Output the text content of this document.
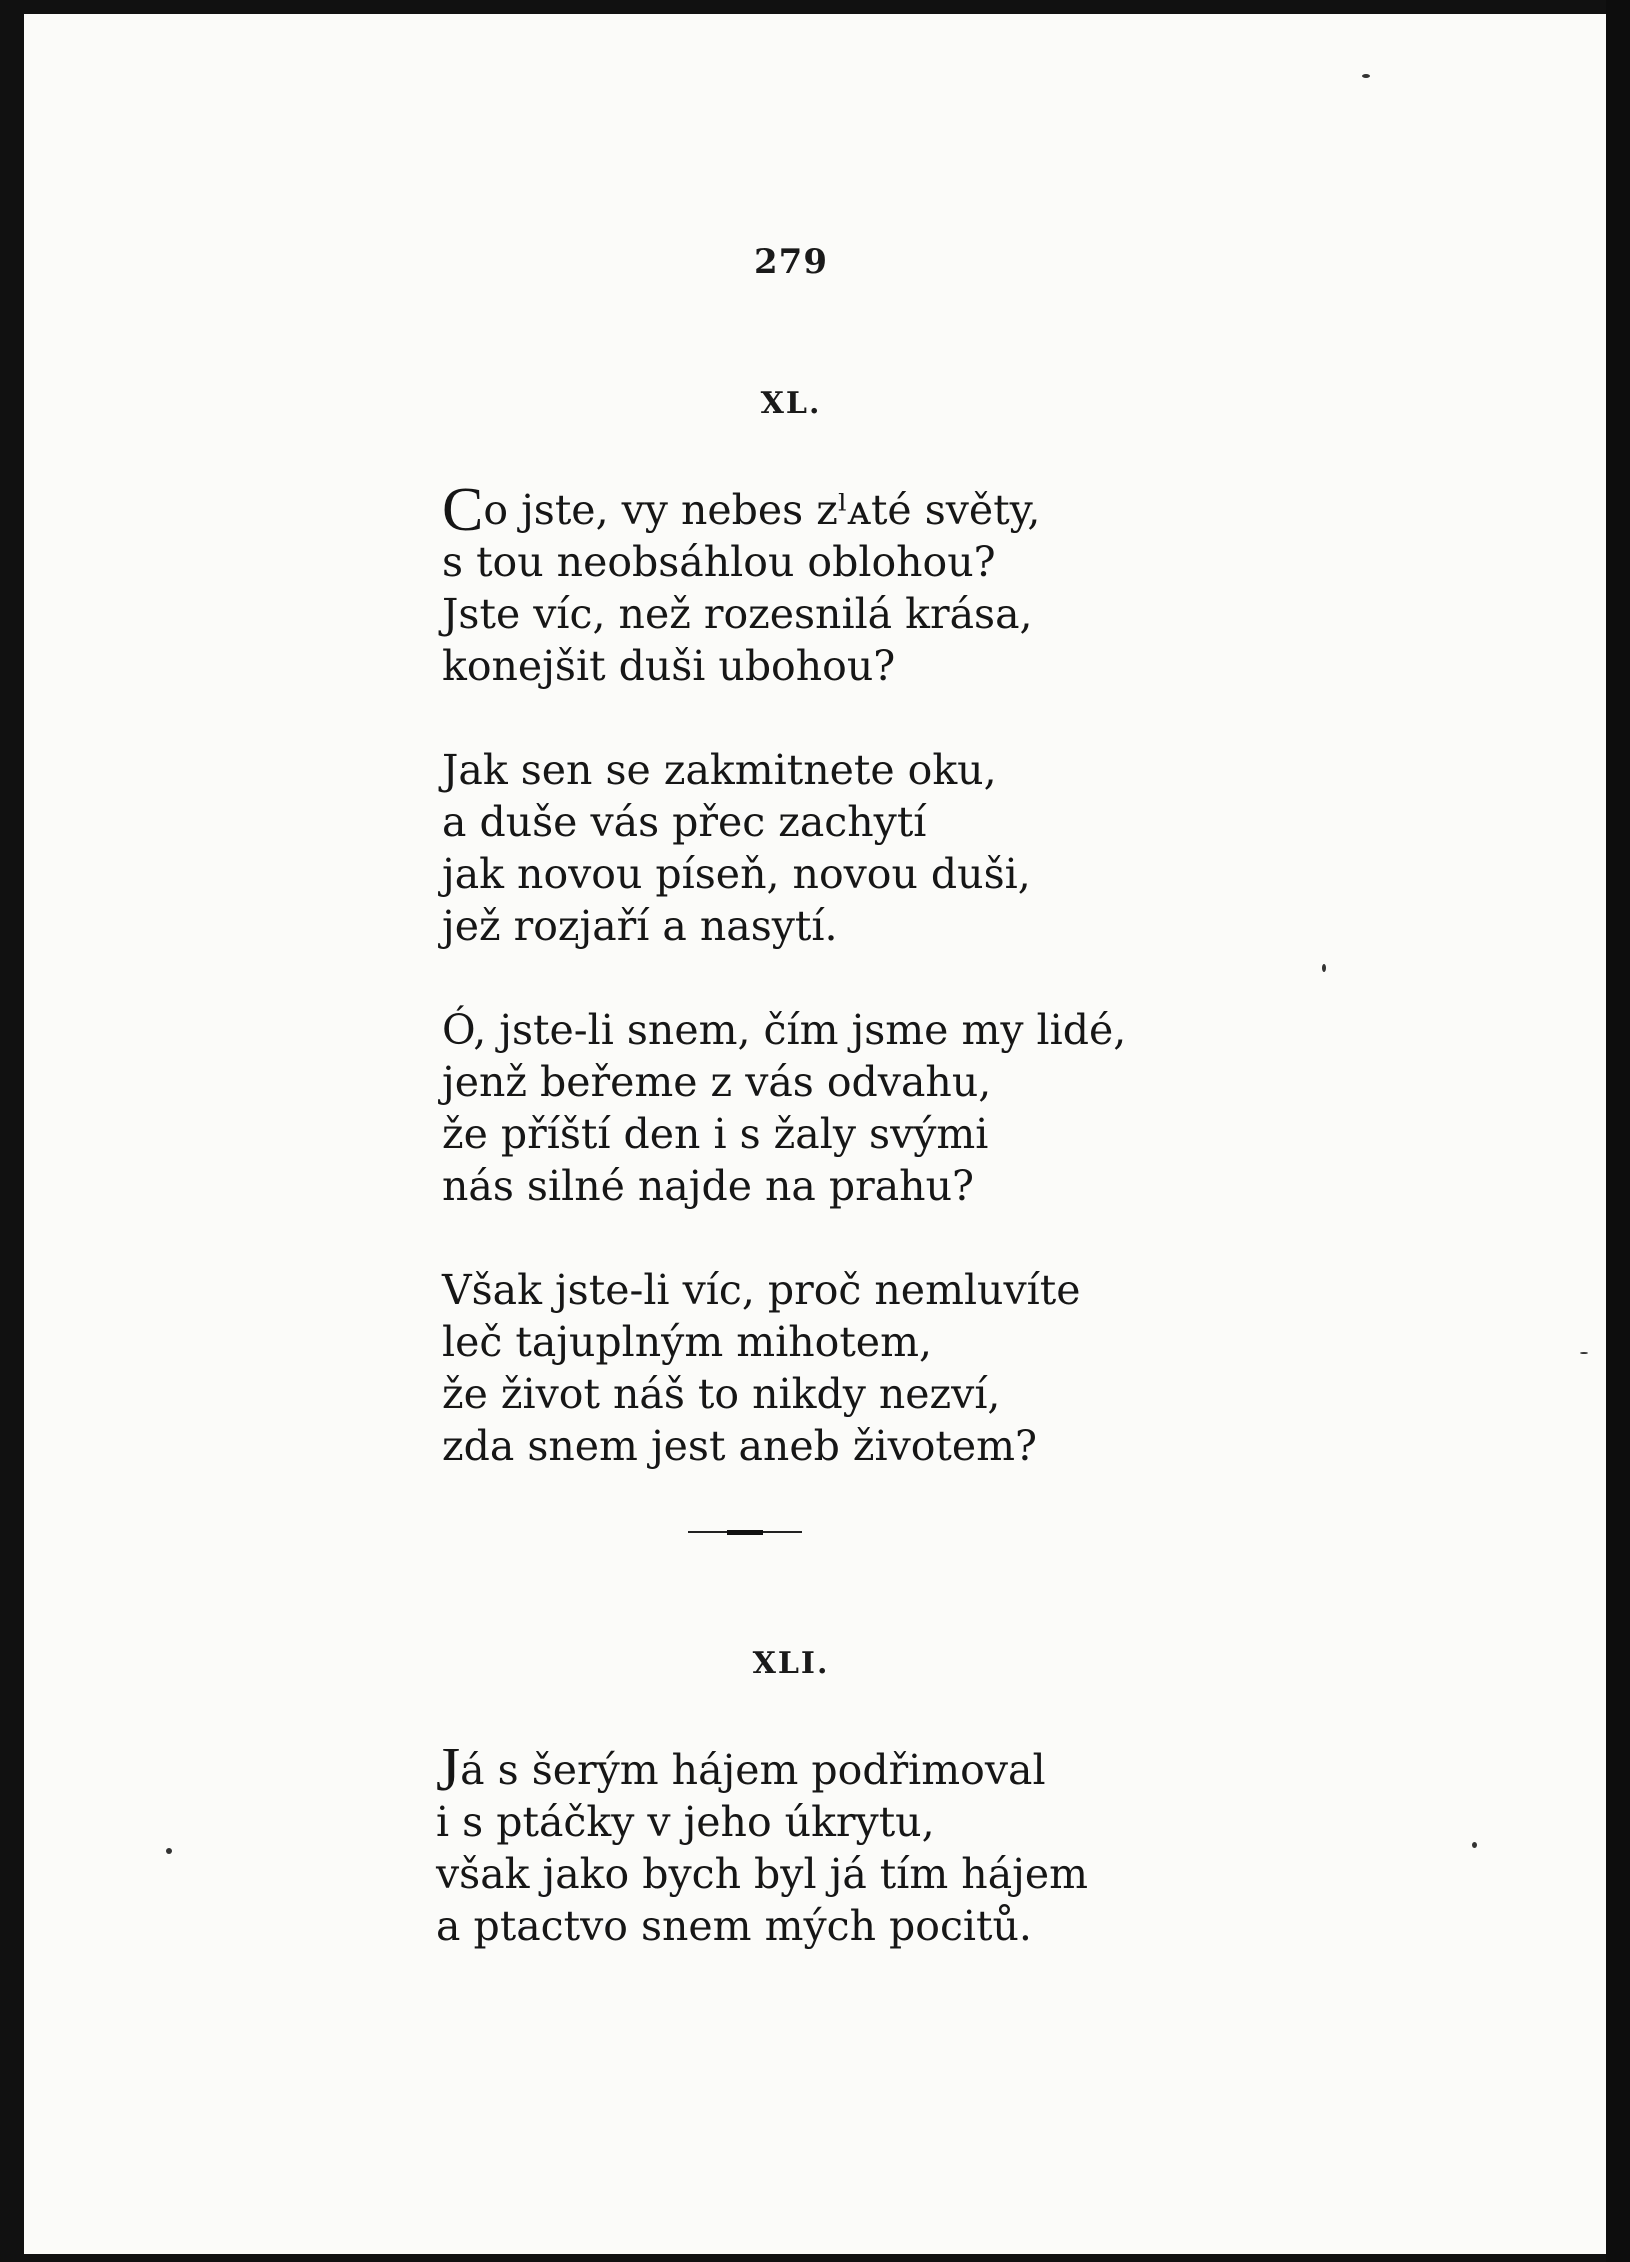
279
XL.
Co jste, vy nebes zˡᴀté světy,
s tou neobsáhlou oblohou?
Jste víc, než rozesnilá krása,
konejšit duši ubohou?
Jak sen se zakmitnete oku,
a duše vás přec zachytí
jak novou píseň, novou duši,
jež rozjaří a nasytí.
Ó, jste-li snem, čím jsme my lidé,
jenž beřeme z vás odvahu,
že příští den i s žaly svými
nás silné najde na prahu?
Však jste-li víc, proč nemluvíte
leč tajuplným mihotem,
že život náš to nikdy nezví,
zda snem jest aneb životem?
XLI.
Já s šerým hájem podřimoval
i s ptáčky v jeho úkrytu,
však jako bych byl já tím hájem
a ptactvo snem mých pocitů.
